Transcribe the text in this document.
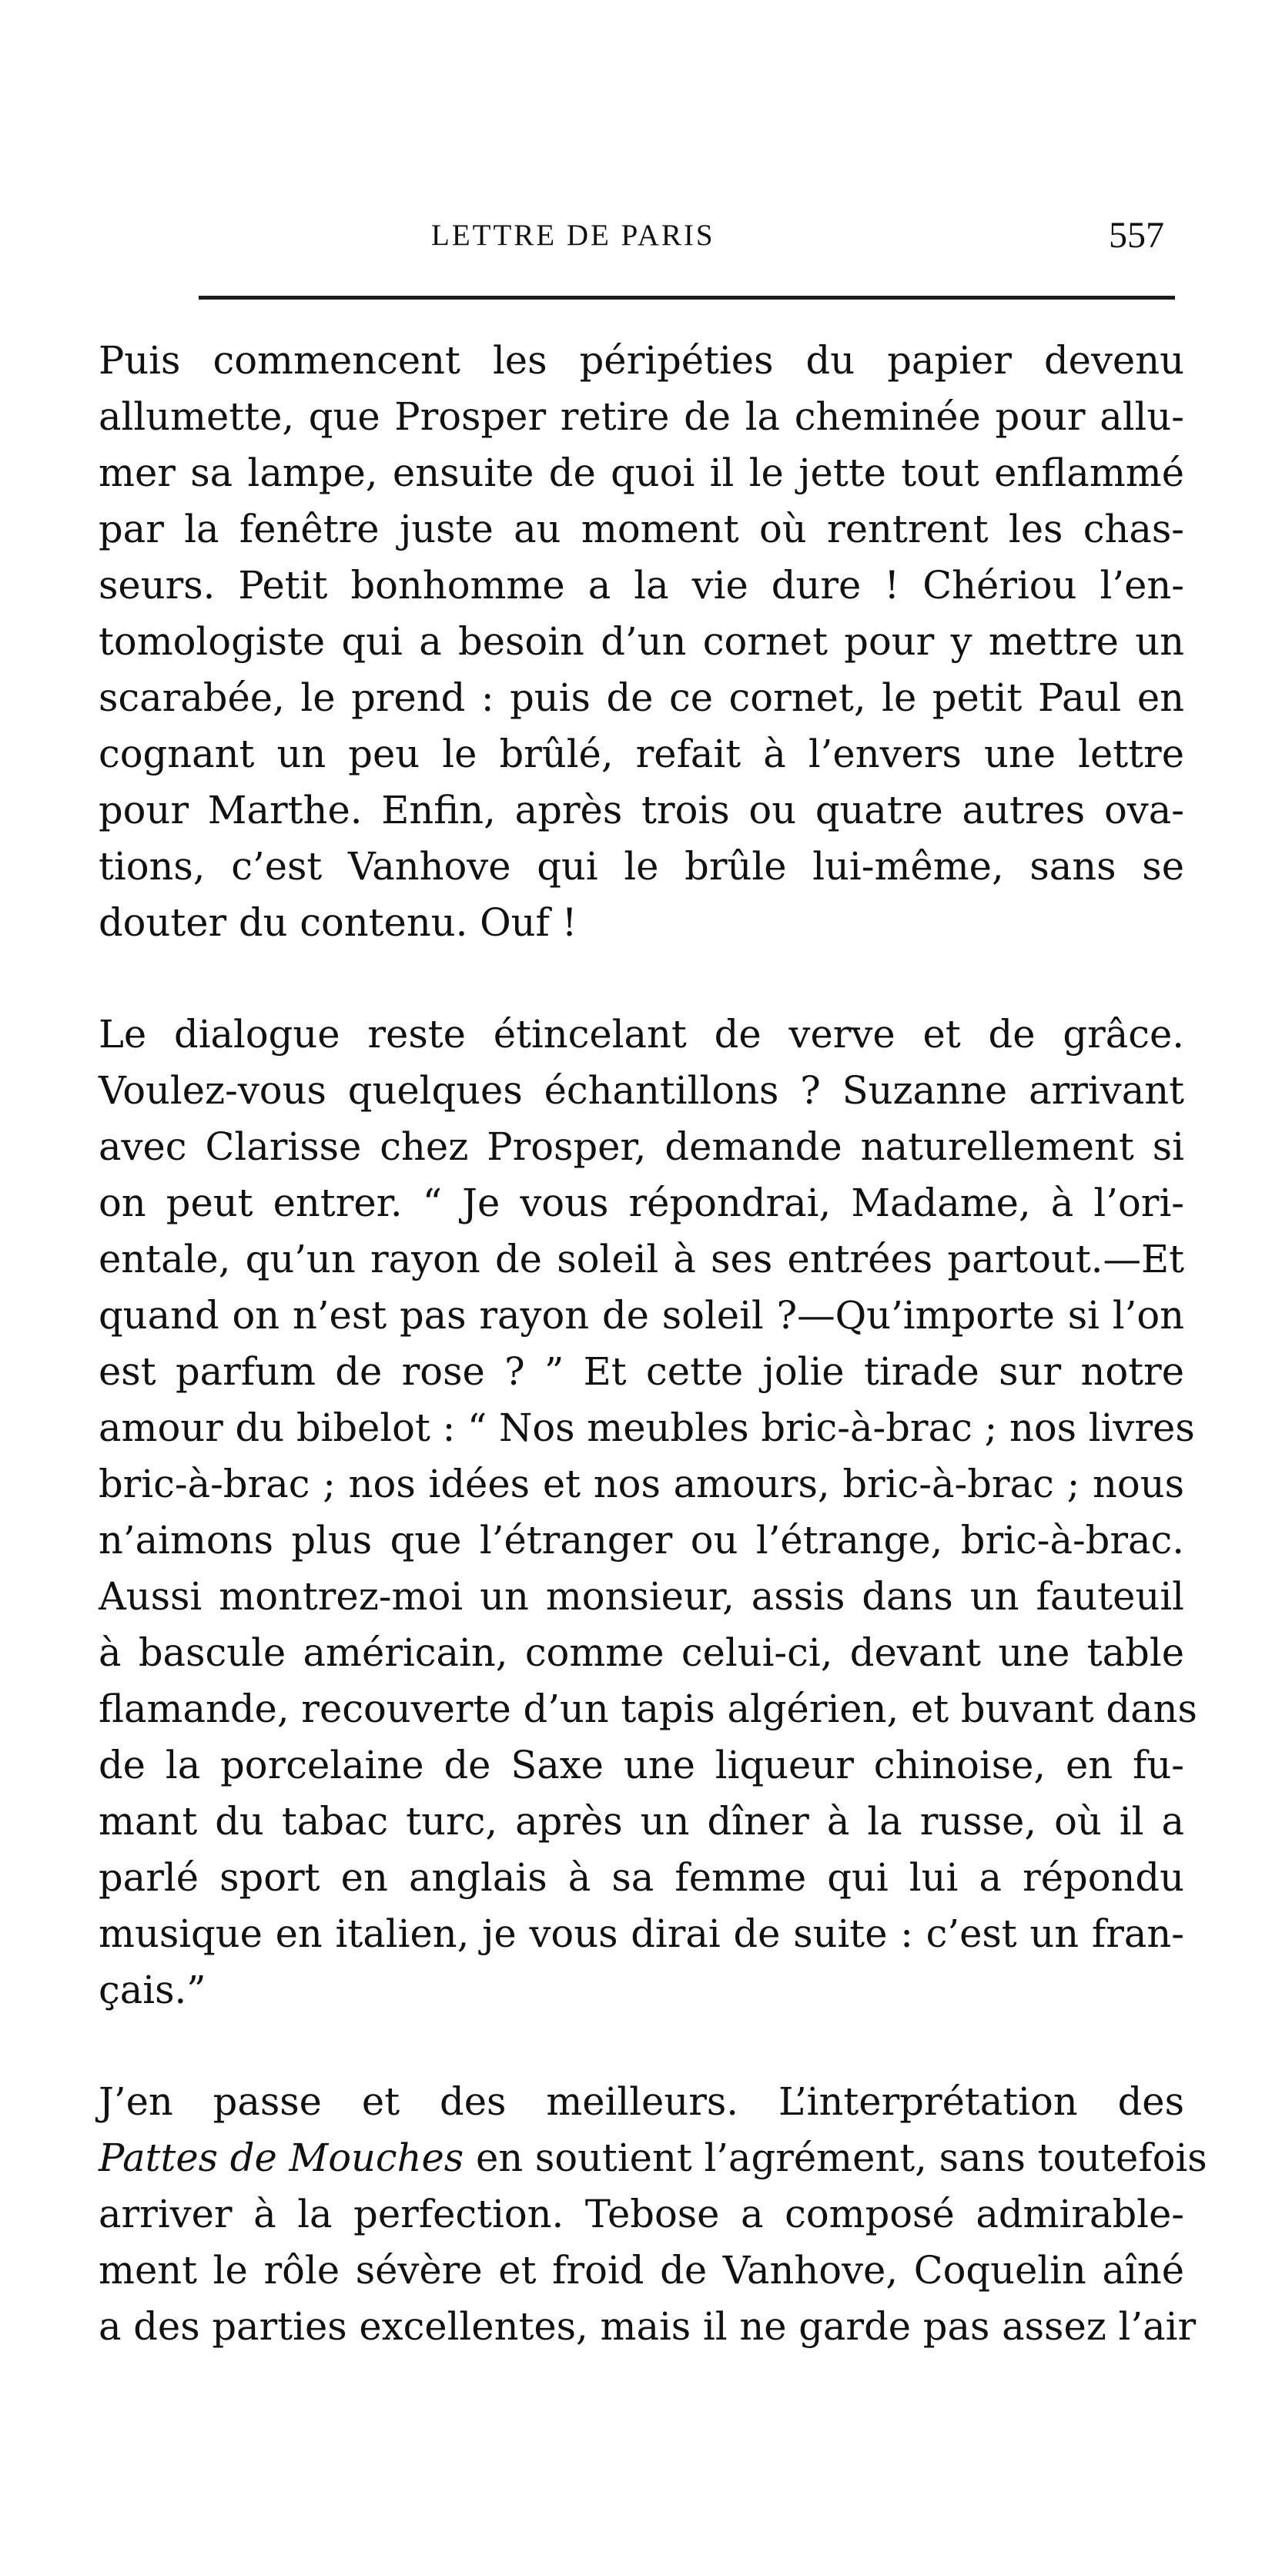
LETTRE DE PARIS	557
Puis commencent les péripéties du papier devenu
allumette, que Prosper retire de la cheminée pour allu-
mer sa lampe, ensuite de quoi il le jette tout enflammé
par la fenêtre juste au moment où rentrent les chas-
seurs. Petit bonhomme a la vie dure ! Chériou l’en-
tomologiste qui a besoin d’un cornet pour y mettre un
scarabée, le prend : puis de ce cornet, le petit Paul en
cognant un peu le brûlé, refait à l’envers une lettre
pour Marthe. Enfin, après trois ou quatre autres ova-
tions, c’est Vanhove qui le brûle lui-même, sans se
douter du contenu. Ouf !
Le dialogue reste étincelant de verve et de grâce.
Voulez-vous quelques échantillons ? Suzanne arrivant
avec Clarisse chez Prosper, demande naturellement si
on peut entrer. “ Je vous répondrai, Madame, à l’ori-
entale, qu’un rayon de soleil à ses entrées partout.—Et
quand on n’est pas rayon de soleil ?—Qu’importe si l’on
est parfum de rose ? ” Et cette jolie tirade sur notre
amour du bibelot : “ Nos meubles bric-à-brac ; nos livres
bric-à-brac ; nos idées et nos amours, bric-à-brac ; nous
n’aimons plus que l’étranger ou l’étrange, bric-à-brac.
Aussi montrez-moi un monsieur, assis dans un fauteuil
à bascule américain, comme celui-ci, devant une table
flamande, recouverte d’un tapis algérien, et buvant dans
de la porcelaine de Saxe une liqueur chinoise, en fu-
mant du tabac turc, après un dîner à la russe, où il a
parlé sport en anglais à sa femme qui lui a répondu
musique en italien, je vous dirai de suite : c’est un fran-
çais.”
J’en passe et des meilleurs. L’interprétation des
Pattes de Mouches en soutient l’agrément, sans toutefois
arriver à la perfection. Tebose a composé admirable-
ment le rôle sévère et froid de Vanhove, Coquelin aîné
a des parties excellentes, mais il ne garde pas assez l’air
